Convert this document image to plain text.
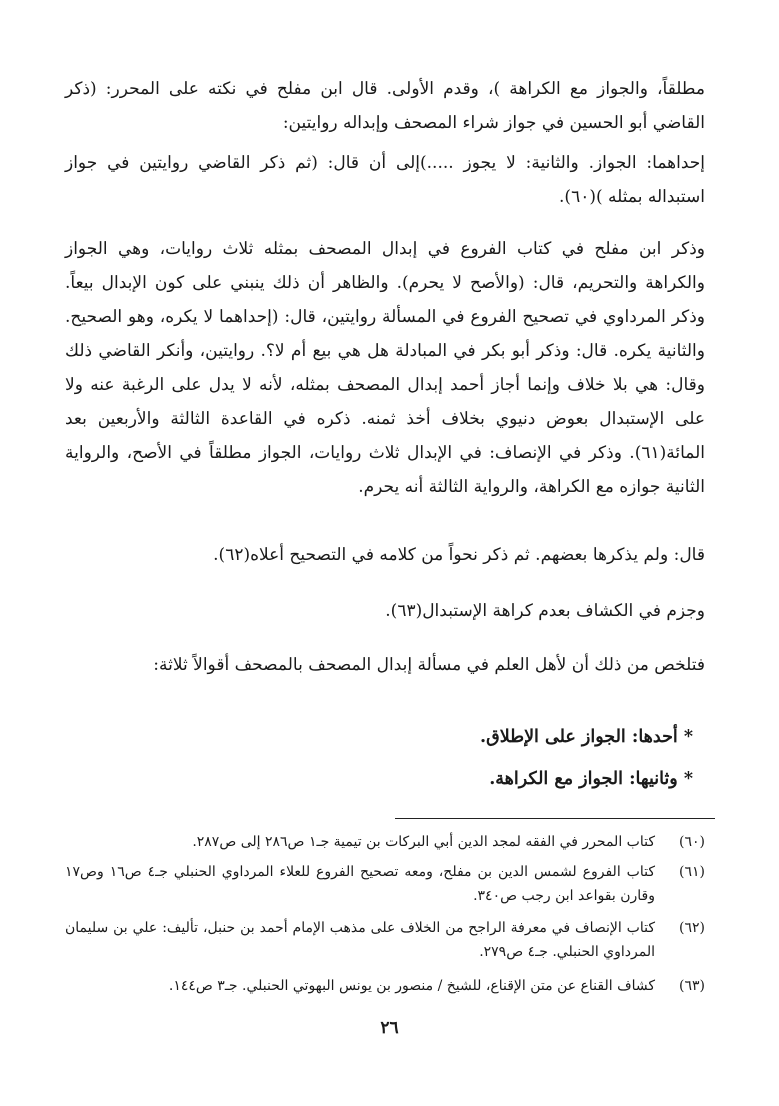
مطلقاً، والجواز مع الكراهة )، وقدم الأولى. قال ابن مفلح في نكته على المحرر: (ذكر القاضي أبو الحسين في جواز شراء المصحف وإبداله روايتين:

إحداهما: الجواز. والثانية: لا يجوز .....)إلى أن قال: (ثم ذكر القاضي روايتين في جواز استبداله بمثله )(٦٠).

وذكر ابن مفلح في كتاب الفروع في إبدال المصحف بمثله ثلاث روايات، وهي الجواز والكراهة والتحريم، قال: (والأصح لا يحرم). والظاهر أن ذلك ينبني على كون الإبدال بيعاً. وذكر المرداوي في تصحيح الفروع في المسألة روايتين، قال: (إحداهما لا يكره، وهو الصحيح. والثانية يكره. قال: وذكر أبو بكر في المبادلة هل هي بيع أم لا؟. روايتين، وأنكر القاضي ذلك وقال: هي بلا خلاف وإنما أجاز أحمد إبدال المصحف بمثله، لأنه لا يدل على الرغبة عنه ولا على الإستبدال بعوض دنيوي بخلاف أخذ ثمنه. ذكره في القاعدة الثالثة والأربعين بعد المائة(٦١). وذكر في الإنصاف: في الإبدال ثلاث روايات، الجواز مطلقاً في الأصح، والرواية الثانية جوازه مع الكراهة، والرواية الثالثة أنه يحرم.

قال: ولم يذكرها بعضهم. ثم ذكر نحواً من كلامه في التصحيح أعلاه(٦٢).

وجزم في الكشاف بعدم كراهة الإستبدال(٦٣).

فتلخص من ذلك أن لأهل العلم في مسألة إبدال المصحف بالمصحف أقوالاً ثلاثة:

* أحدها: الجواز على الإطلاق.

* وثانيها: الجواز مع الكراهة.

(٦٠)
كتاب المحرر في الفقه لمجد الدين أبي البركات بن تيمية جـ١ ص٢٨٦ إلى ص٢٨٧.
(٦١)
كتاب الفروع لشمس الدين بن مفلح، ومعه تصحيح الفروع للعلاء المرداوي الحنبلي جـ٤ ص١٦ وص١٧ وقارن بقواعد ابن رجب ص٣٤٠.
(٦٢)
كتاب الإنصاف في معرفة الراجح من الخلاف على مذهب الإمام أحمد بن حنبل، تأليف: علي بن سليمان المرداوي الحنبلي. جـ٤ ص٢٧٩.
(٦٣)
كشاف القناع عن متن الإقناع، للشيخ / منصور بن يونس البهوتي الحنبلي. جـ٣ ص١٤٤.
٢٦
